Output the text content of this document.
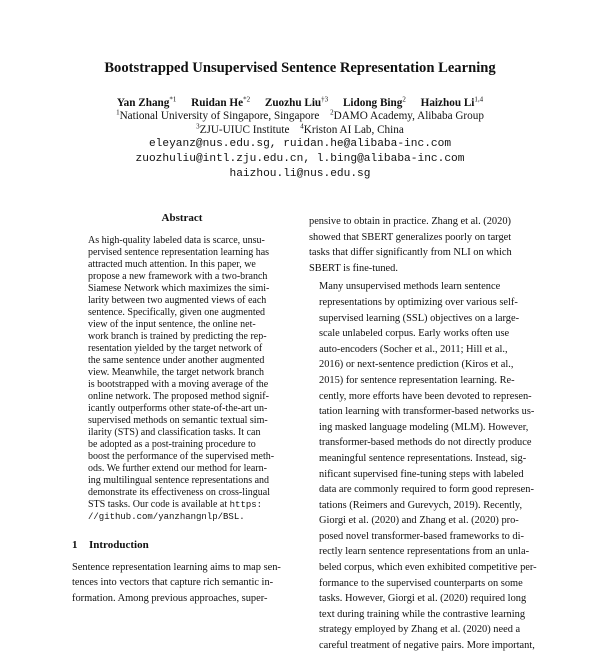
Bootstrapped Unsupervised Sentence Representation Learning
Yan Zhang$^{*1}$ Ruidan He$^{*2}$ Zuozhu Liu$^{\dagger 3}$ Lidong Bing$^2$ Haizhou Li$^{1,4}$
$^1$National University of Singapore, Singapore $^2$DAMO Academy, Alibaba Group
$^3$ZJU-UIUC Institute $^4$Kriston AI Lab, China
eleyanz@nus.edu.sg, ruidan.he@alibaba-inc.com
zuozhuliu@intl.zju.edu.cn, l.bing@alibaba-inc.com
haizhou.li@nus.edu.sg
Abstract
As high-quality labeled data is scarce, unsu-
pervised sentence representation learning has
attracted much attention. In this paper, we
propose a new framework with a two-branch
Siamese Network which maximizes the simi-
larity between two augmented views of each
sentence. Specifically, given one augmented
view of the input sentence, the online net-
work branch is trained by predicting the rep-
resentation yielded by the target network of
the same sentence under another augmented
view. Meanwhile, the target network branch
is bootstrapped with a moving average of the
online network. The proposed method signif-
icantly outperforms other state-of-the-art un-
supervised methods on semantic textual sim-
ilarity (STS) and classification tasks. It can
be adopted as a post-training procedure to
boost the performance of the supervised meth-
ods. We further extend our method for learn-
ing multilingual sentence representations and
demonstrate its effectiveness on cross-lingual
STS tasks. Our code is available at https:
//github.com/yanzhangnlp/BSL.
1 Introduction
Sentence representation learning aims to map sen-
tences into vectors that capture rich semantic in-
formation. Among previous approaches, super-
pensive to obtain in practice. Zhang et al. (2020)
showed that SBERT generalizes poorly on target
tasks that differ significantly from NLI on which
SBERT is fine-tuned.
Many unsupervised methods learn sentence
representations by optimizing over various self-
supervised learning (SSL) objectives on a large-
scale unlabeled corpus. Early works often use
auto-encoders (Socher et al., 2011; Hill et al.,
2016) or next-sentence prediction (Kiros et al.,
2015) for sentence representation learning. Re-
cently, more efforts have been devoted to represen-
tation learning with transformer-based networks us-
ing masked language modeling (MLM). However,
transformer-based methods do not directly produce
meaningful sentence representations. Instead, sig-
nificant supervised fine-tuning steps with labeled
data are commonly required to form good represen-
tations (Reimers and Gurevych, 2019). Recently,
Giorgi et al. (2020) and Zhang et al. (2020) pro-
posed novel transformer-based frameworks to di-
rectly learn sentence representations from an unla-
beled corpus, which even exhibited competitive per-
formance to the supervised counterparts on some
tasks. However, Giorgi et al. (2020) required long
text during training while the contrastive learning
strategy employed by Zhang et al. (2020) need a
careful treatment of negative pairs. More important,
